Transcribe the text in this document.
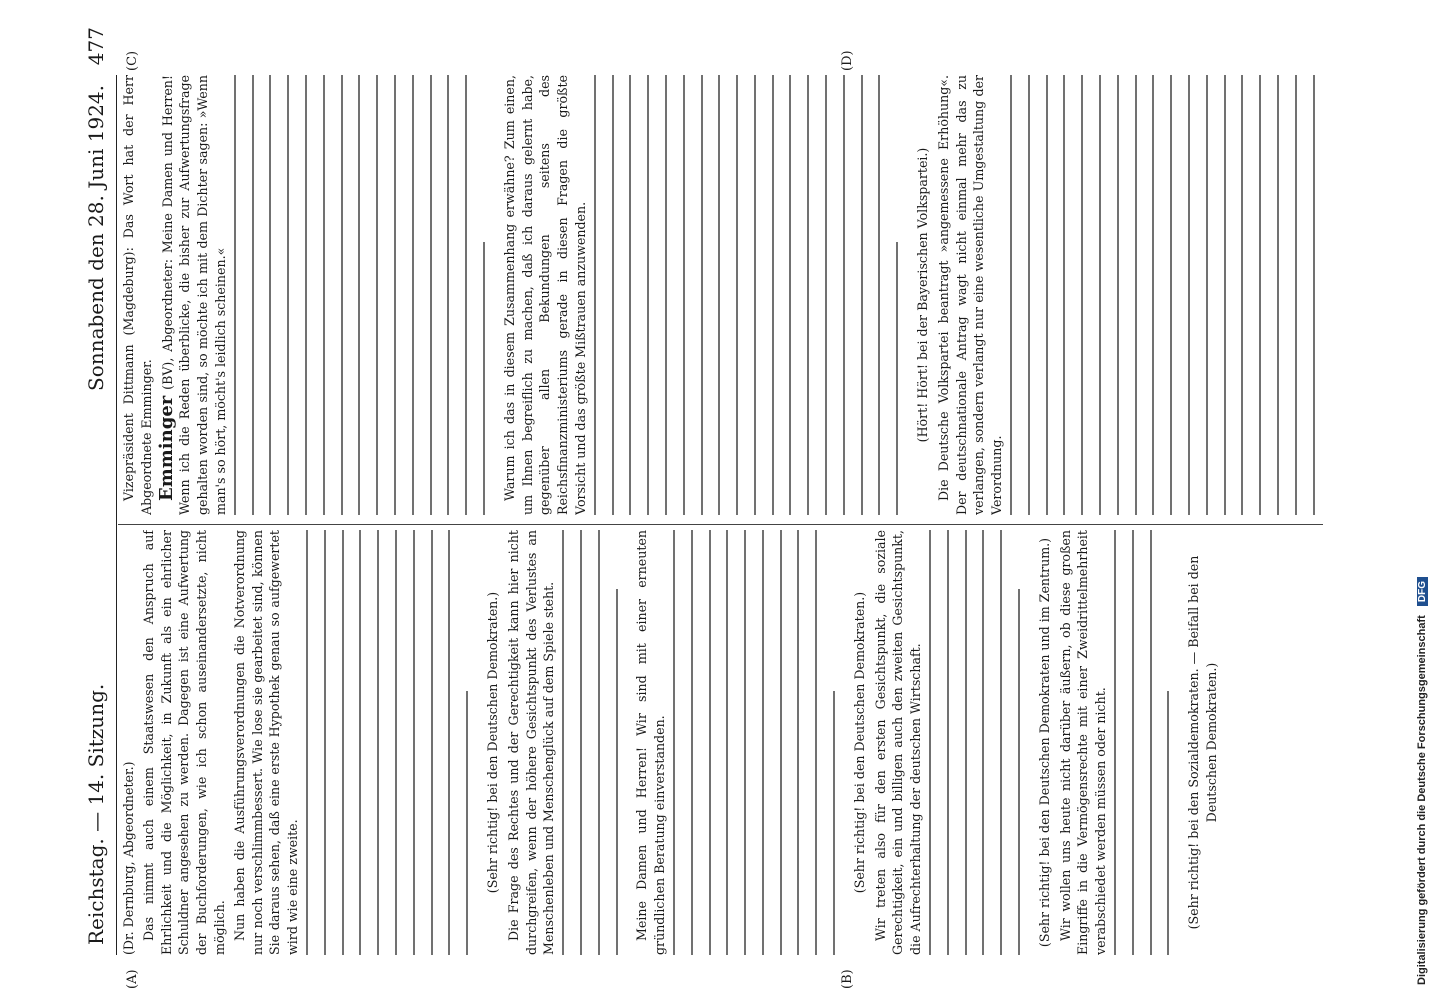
Reichstag. — 14. Sitzung.
Sonnabend den 28. Juni 1924.
477
(A)	(B)
(C)	(D)

(Dr. Dernburg, Abgeordneter.) Das nimmt auch einem Staatswesen den Anspruch auf Ehrlichkeit und die Möglichkeit, in Zukunft als ein ehrlicher Schuldner angesehen zu werden. Dagegen ist eine Aufwertung der Buchforderungen, wie ich schon auseinandersetzte, nicht möglich. Nun haben die Ausführungsverordnungen die Notverordnung nur noch verschlimmbessert. Wie lose sie gearbeitet sind, können Sie daraus sehen, daß eine erste Hypothek genau so aufgewertet wird wie eine zweite.	(Sehr richtig! bei den Deutschen Demokraten.) Die Frage des Rechtes und der Gerechtigkeit kann hier nicht durchgreifen, wenn der höhere Gesichtspunkt des Verlustes an Menschenleben und Menschenglück auf dem Spiele steht.	Meine Damen und Herren! Wir sind mit einer erneuten gründlichen Beratung einverstanden.	(Sehr richtig! bei den Deutschen Demokraten.) Wir treten also für den ersten Gesichtspunkt, die soziale Gerechtigkeit, ein und billigen auch den zweiten Gesichtspunkt, die Aufrechterhaltung der deutschen Wirtschaft.	(Sehr richtig! bei den Deutschen Demokraten und im Zentrum.) Wir wollen uns heute nicht darüber äußern, ob diese großen Eingriffe in die Vermögensrechte mit einer Zweidrittelmehrheit verabschiedet werden müssen oder nicht.	(Sehr richtig! bei den Sozialdemokraten. — Beifall bei den Deutschen Demokraten.)

Vizepräsident Dittmann (Magdeburg): Das Wort hat der Herr Abgeordnete Emminger. Emminger (BV), Abgeordneter: Meine Damen und Herren! Wenn ich die Reden überblicke, die bisher zur Aufwertungsfrage gehalten worden sind, so möchte ich mit dem Dichter sagen: »Wenn man's so hört, möcht's leidlich scheinen.«	Warum ich das in diesem Zusammenhang erwähne? Zum einen, um Ihnen begreiflich zu machen, daß ich daraus gelernt habe, gegenüber allen Bekundungen seitens des Reichsfinanzministeriums gerade in diesen Fragen die größte Vorsicht und das größte Mißtrauen anzuwenden.	(Hört! Hört! bei der Bayerischen Volkspartei.) Die Deutsche Volkspartei beantragt »angemessene Erhöhung«. Der deutschnationale Antrag wagt nicht einmal mehr das zu verlangen, sondern verlangt nur eine wesentliche Umgestaltung der Verordnung.

Digitalisierung gefördert durch die Deutsche Forschungsgemeinschaft DFG
